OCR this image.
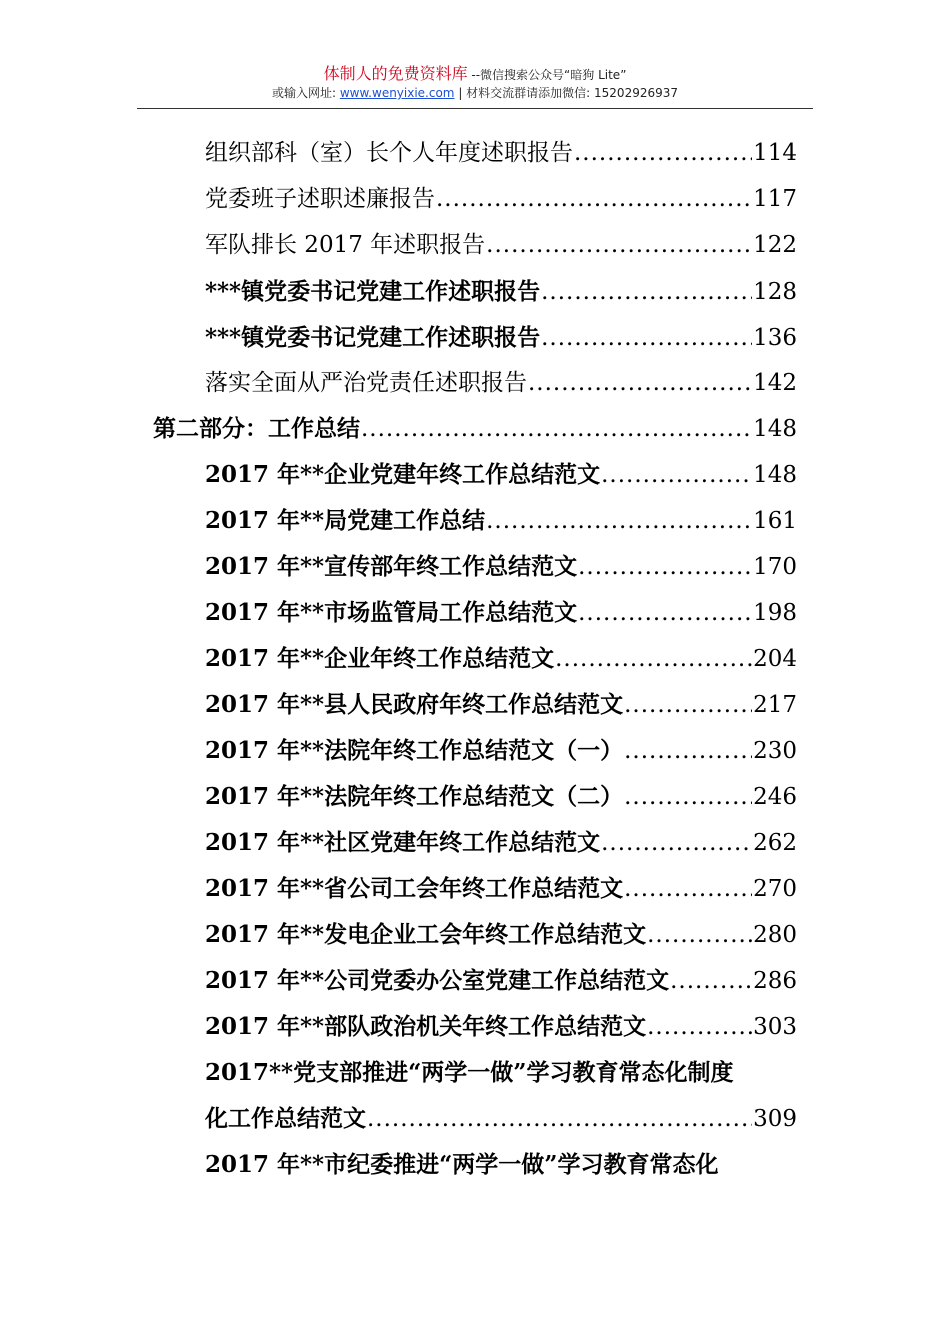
体制人的免费资料库 --微信搜索公众号“暗狗 Lite”
或输入网址: www.wenyixie.com | 材料交流群请添加微信: 15202926937
组织部科（室）长个人年度述职报告 .....	114
党委班子述职述廉报告 .....	117
军队排长 2017 年述职报告 .....	122
***镇党委书记党建工作述职报告 .....	128
***镇党委书记党建工作述职报告 .....	136
落实全面从严治党责任述职报告 .....	142
第二部分：工作总结 .....	148
2017 年**企业党建年终工作总结范文 .....	148
2017 年**局党建工作总结 .....	161
2017 年**宣传部年终工作总结范文 .....	170
2017 年**市场监管局工作总结范文 .....	198
2017 年**企业年终工作总结范文 .....	204
2017 年**县人民政府年终工作总结范文 .....	217
2017 年**法院年终工作总结范文（一） .....	230
2017 年**法院年终工作总结范文（二） .....	246
2017 年**社区党建年终工作总结范文 .....	262
2017 年**省公司工会年终工作总结范文 .....	270
2017 年**发电企业工会年终工作总结范文 .....	280
2017 年**公司党委办公室党建工作总结范文 .....	286
2017 年**部队政治机关年终工作总结范文 .....	303
2017**党支部推进“两学一做”学习教育常态化制度
化工作总结范文 .....	309
2017 年**市纪委推进“两学一做”学习教育常态化
